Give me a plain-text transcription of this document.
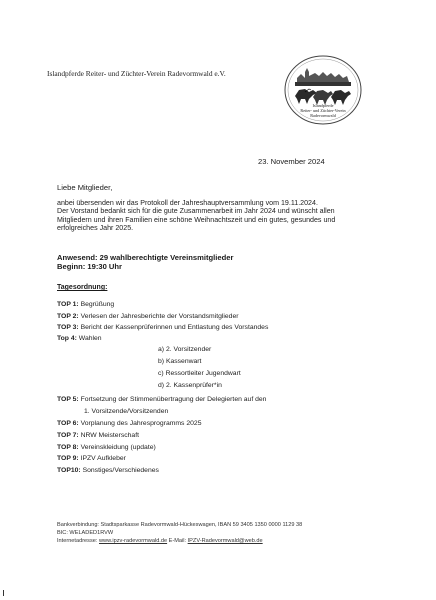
Islandpferde Reiter- und Züchter-Verein Radevormwald e.V.
Islandpferde
Reiter- und Züchter-Verein
Radevormwald
23. November 2024
Liebe Mitglieder,
anbei übersenden wir das Protokoll der Jahreshauptversammlung vom 19.11.2024.
Der Vorstand bedankt sich für die gute Zusammenarbeit im Jahr 2024 und wünscht allen
Mitgliedern und ihren Familien eine schöne Weihnachtszeit und ein gutes, gesundes und
erfolgreiches Jahr 2025.
Anwesend: 29 wahlberechtigte Vereinsmitglieder
Beginn: 19:30 Uhr
Tagesordnung:
TOP 1: Begrüßung
TOP 2: Verlesen der Jahresberichte der Vorstandsmitglieder
TOP 3: Bericht der Kassenprüferinnen und Entlastung des Vorstandes
Top 4: Wahlen
TOP 5: Fortsetzung der Stimmenübertragung der Delegierten auf den
1. Vorsitzende/Vorsitzenden
TOP 6: Vorplanung des Jahresprogramms 2025
TOP 7: NRW Meisterschaft
TOP 8: Vereinskleidung (update)
TOP 9: IPZV Aufkleber
TOP10: Sonstiges/Verschiedenes
a) 2. Vorsitzender
b) Kassenwart
c) Ressortleiter Jugendwart
d) 2. Kassenprüfer*in
Bankverbindung: Stadtsparkasse Radevormwald-Hückeswagen, IBAN 59 3405 1350 0000 1129 38
BIC: WELADED1RVW
Internetadresse: www.ipzv-radevormwald.de E-Mail: IPZV-Radevormwald@web.de
